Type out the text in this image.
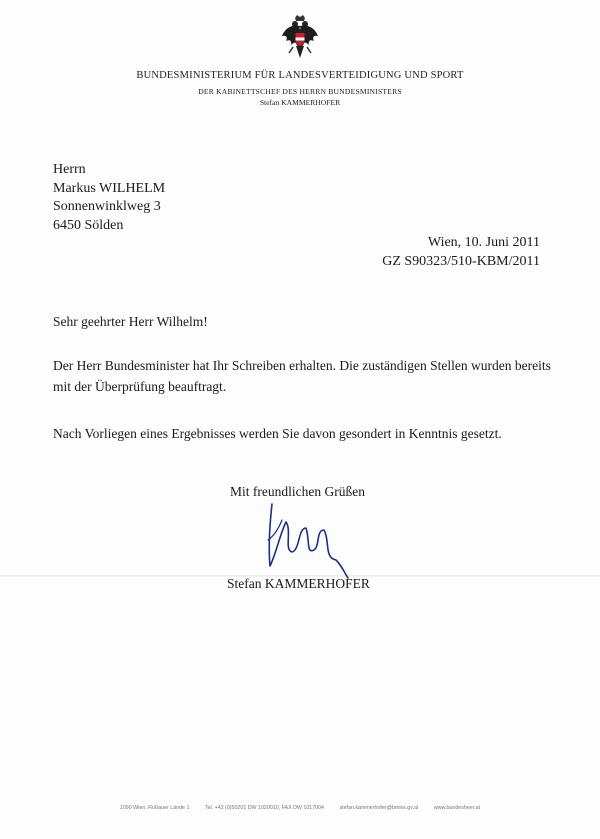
BUNDESMINISTERIUM FÜR LANDESVERTEIDIGUNG UND SPORT
DER KABINETTSCHEF DES HERRN BUNDESMINISTERS
Stefan KAMMERHOFER
Herrn
Markus WILHELM
Sonnenwinklweg 3
6450 Sölden
Wien, 10. Juni 2011
GZ S90323/510-KBM/2011
Sehr geehrter Herr Wilhelm!
Der Herr Bundesminister hat Ihr Schreiben erhalten. Die zuständigen Stellen wurden bereits mit der Überprüfung beauftragt.
Nach Vorliegen eines Ergebnisses werden Sie davon gesondert in Kenntnis gesetzt.
Mit freundlichen Grüßen
Stefan KAMMERHOFER
1090 Wien, Roßauer Lände 1	Tel. +43 (0)50201 DW 1020010, FAX DW 1017004	stefan.kammerhofer@bmlvs.gv.at	www.bundesheer.at
